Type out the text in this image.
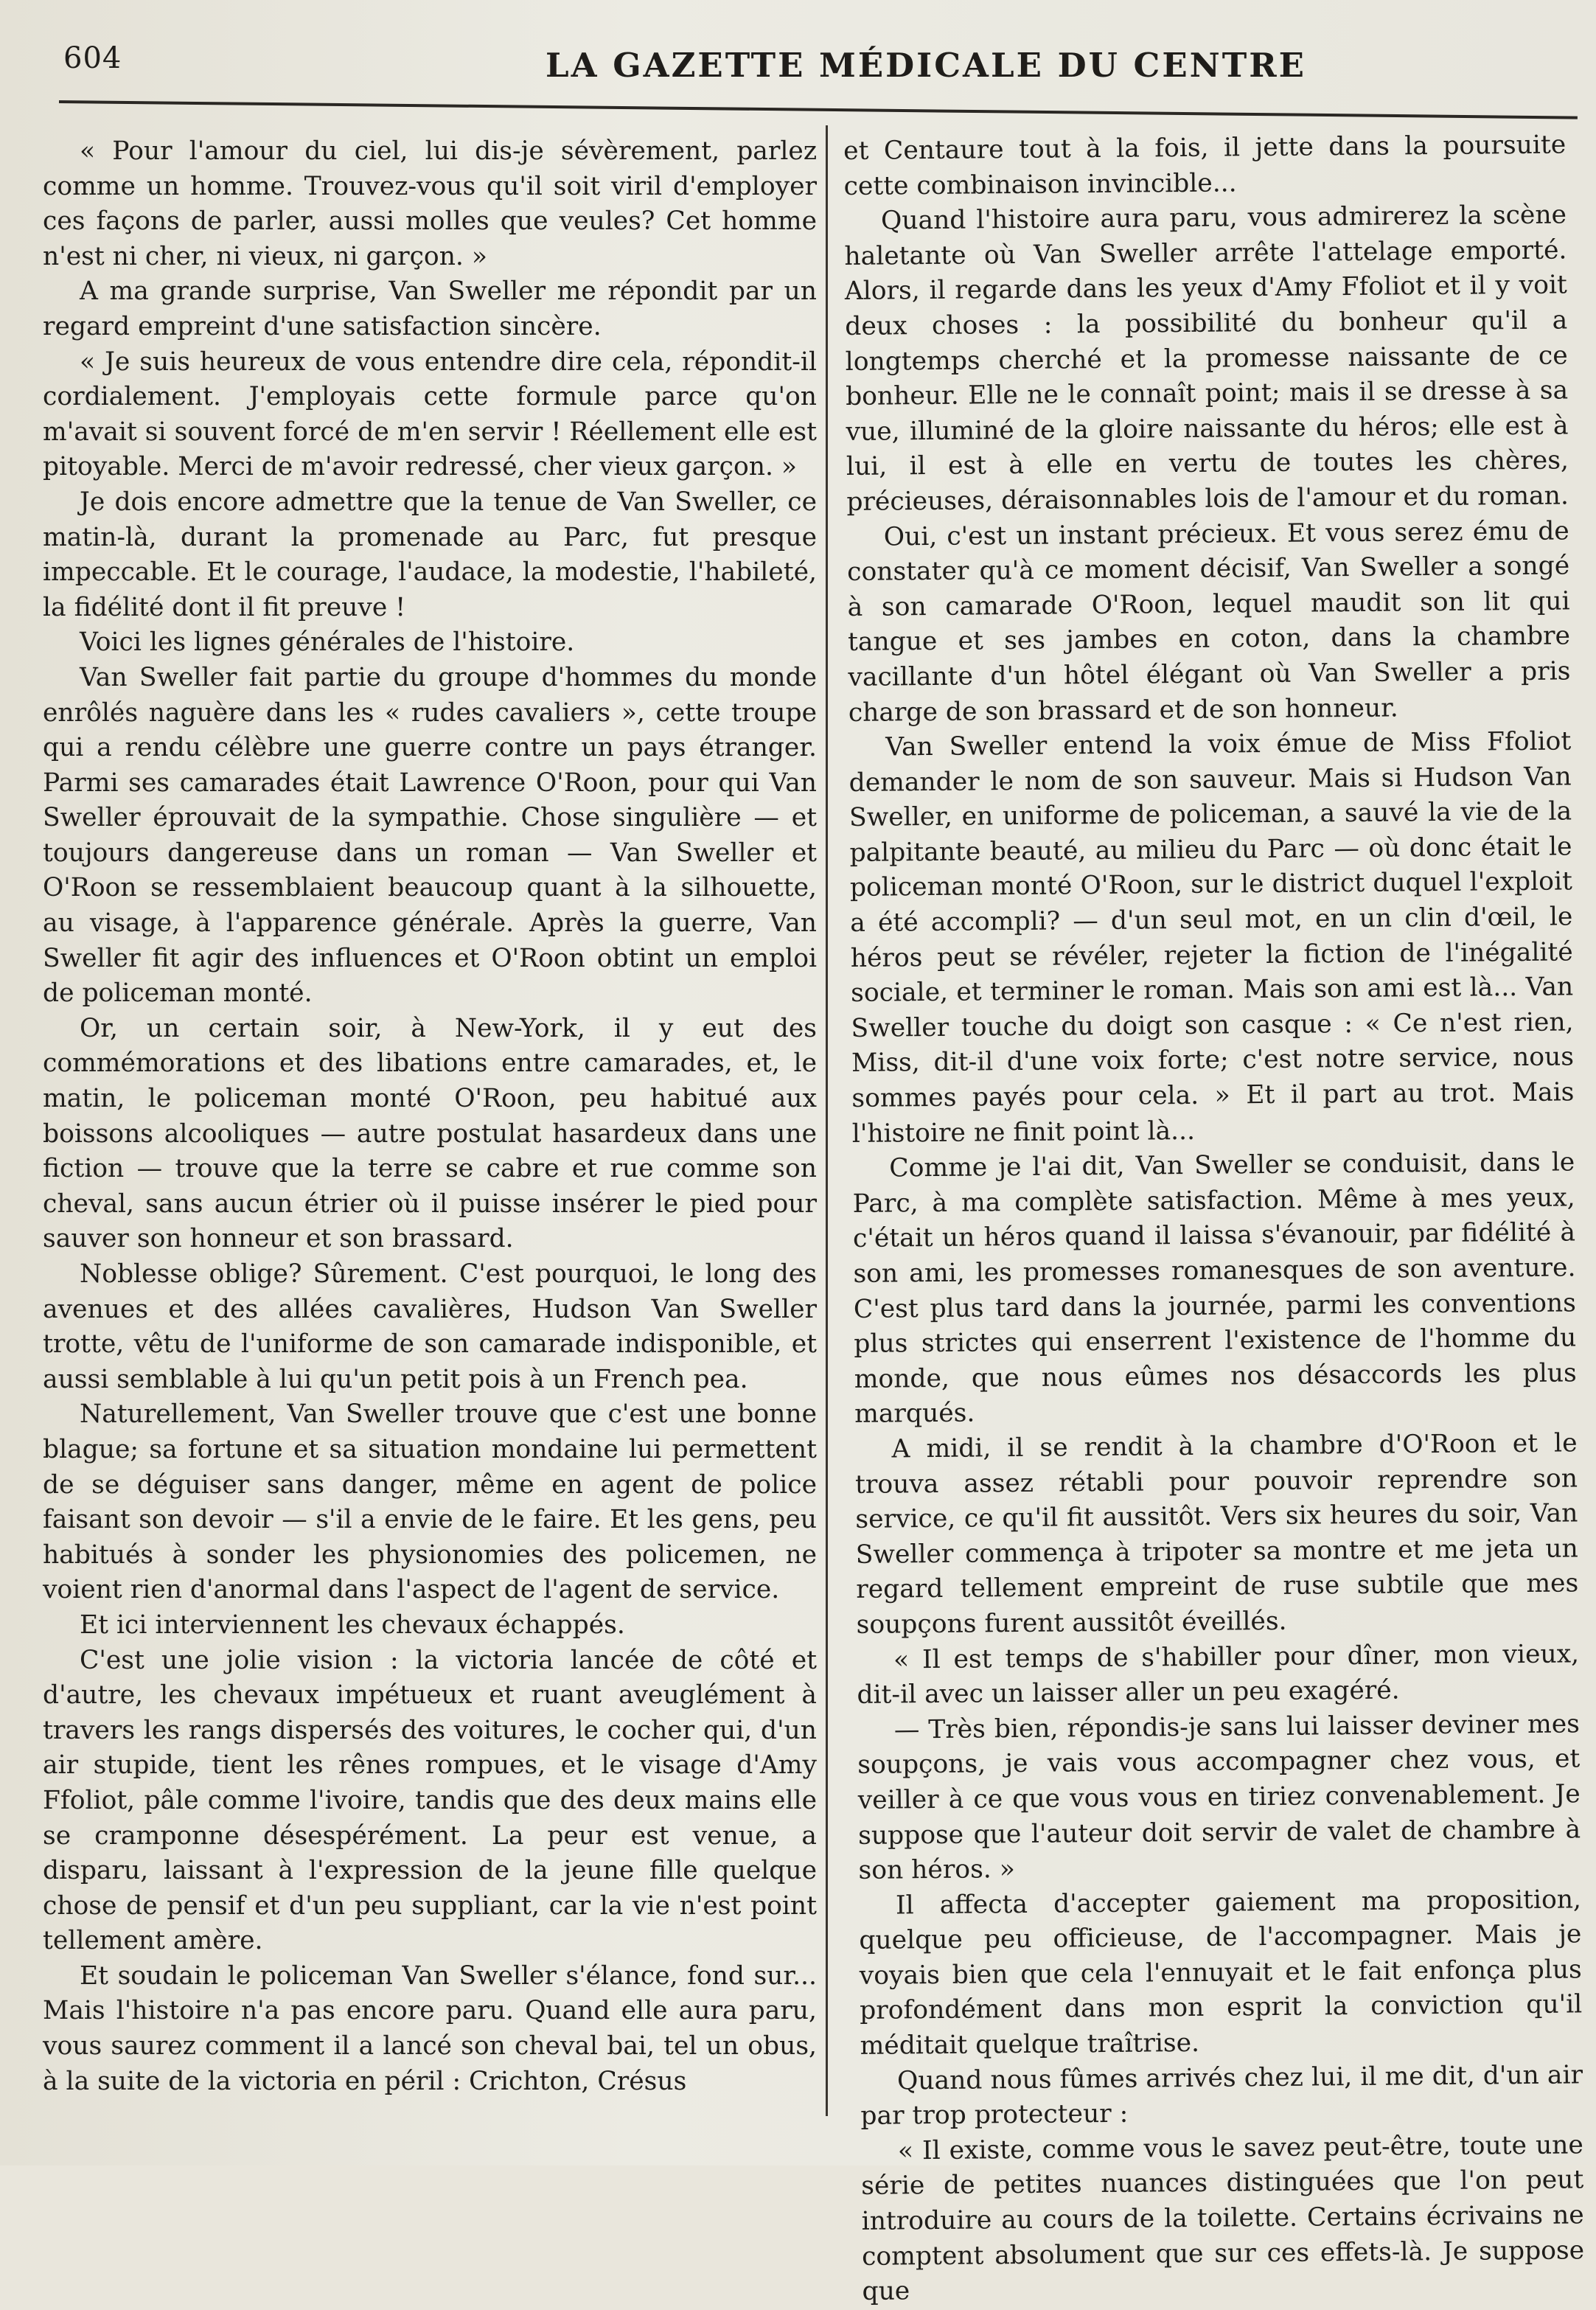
604	LA GAZETTE MÉDICALE DU CENTRE

« Pour l'amour du ciel, lui dis-je sévèrement, parlez comme un homme. Trouvez-vous qu'il soit viril d'employer ces façons de parler, aussi molles que veules? Cet homme n'est ni cher, ni vieux, ni garçon. »

A ma grande surprise, Van Sweller me répondit par un regard empreint d'une satisfaction sincère.

« Je suis heureux de vous entendre dire cela, répondit-il cordialement. J'employais cette formule parce qu'on m'avait si souvent forcé de m'en servir ! Réellement elle est pitoyable. Merci de m'avoir redressé, cher vieux garçon. »

Je dois encore admettre que la tenue de Van Sweller, ce matin-là, durant la promenade au Parc, fut presque impeccable. Et le courage, l'audace, la modestie, l'habileté, la fidélité dont il fit preuve !

Voici les lignes générales de l'histoire.

Van Sweller fait partie du groupe d'hommes du monde enrôlés naguère dans les « rudes cavaliers », cette troupe qui a rendu célèbre une guerre contre un pays étranger. Parmi ses camarades était Lawrence O'Roon, pour qui Van Sweller éprouvait de la sympathie. Chose singulière — et toujours dangereuse dans un roman — Van Sweller et O'Roon se ressemblaient beaucoup quant à la silhouette, au visage, à l'apparence générale. Après la guerre, Van Sweller fit agir des influences et O'Roon obtint un emploi de policeman monté.

Or, un certain soir, à New-York, il y eut des commémorations et des libations entre camarades, et, le matin, le policeman monté O'Roon, peu habitué aux boissons alcooliques — autre postulat hasardeux dans une fiction — trouve que la terre se cabre et rue comme son cheval, sans aucun étrier où il puisse insérer le pied pour sauver son honneur et son brassard.

Noblesse oblige? Sûrement. C'est pourquoi, le long des avenues et des allées cavalières, Hudson Van Sweller trotte, vêtu de l'uniforme de son camarade indisponible, et aussi semblable à lui qu'un petit pois à un French pea.

Naturellement, Van Sweller trouve que c'est une bonne blague; sa fortune et sa situation mondaine lui permettent de se déguiser sans danger, même en agent de police faisant son devoir — s'il a envie de le faire. Et les gens, peu habitués à sonder les physionomies des policemen, ne voient rien d'anormal dans l'aspect de l'agent de service.

Et ici interviennent les chevaux échappés.

C'est une jolie vision : la victoria lancée de côté et d'autre, les chevaux impétueux et ruant aveuglément à travers les rangs dispersés des voitures, le cocher qui, d'un air stupide, tient les rênes rompues, et le visage d'Amy Ffoliot, pâle comme l'ivoire, tandis que des deux mains elle se cramponne désespérément. La peur est venue, a disparu, laissant à l'expression de la jeune fille quelque chose de pensif et d'un peu suppliant, car la vie n'est point tellement amère.

Et soudain le policeman Van Sweller s'élance, fond sur... Mais l'histoire n'a pas encore paru. Quand elle aura paru, vous saurez comment il a lancé son cheval bai, tel un obus, à la suite de la victoria en péril : Crichton, Crésus

et Centaure tout à la fois, il jette dans la poursuite cette combinaison invincible...

Quand l'histoire aura paru, vous admirerez la scène haletante où Van Sweller arrête l'attelage emporté. Alors, il regarde dans les yeux d'Amy Ffoliot et il y voit deux choses : la possibilité du bonheur qu'il a longtemps cherché et la promesse naissante de ce bonheur. Elle ne le connaît point; mais il se dresse à sa vue, illuminé de la gloire naissante du héros; elle est à lui, il est à elle en vertu de toutes les chères, précieuses, déraisonnables lois de l'amour et du roman.

Oui, c'est un instant précieux. Et vous serez ému de constater qu'à ce moment décisif, Van Sweller a songé à son camarade O'Roon, lequel maudit son lit qui tangue et ses jambes en coton, dans la chambre vacillante d'un hôtel élégant où Van Sweller a pris charge de son brassard et de son honneur.

Van Sweller entend la voix émue de Miss Ffoliot demander le nom de son sauveur. Mais si Hudson Van Sweller, en uniforme de policeman, a sauvé la vie de la palpitante beauté, au milieu du Parc — où donc était le policeman monté O'Roon, sur le district duquel l'exploit a été accompli? — d'un seul mot, en un clin d'œil, le héros peut se révéler, rejeter la fiction de l'inégalité sociale, et terminer le roman. Mais son ami est là... Van Sweller touche du doigt son casque : « Ce n'est rien, Miss, dit-il d'une voix forte; c'est notre service, nous sommes payés pour cela. » Et il part au trot. Mais l'histoire ne finit point là...

Comme je l'ai dit, Van Sweller se conduisit, dans le Parc, à ma complète satisfaction. Même à mes yeux, c'était un héros quand il laissa s'évanouir, par fidélité à son ami, les promesses romanesques de son aventure. C'est plus tard dans la journée, parmi les conventions plus strictes qui enserrent l'existence de l'homme du monde, que nous eûmes nos désaccords les plus marqués.

A midi, il se rendit à la chambre d'O'Roon et le trouva assez rétabli pour pouvoir reprendre son service, ce qu'il fit aussitôt. Vers six heures du soir, Van Sweller commença à tripoter sa montre et me jeta un regard tellement empreint de ruse subtile que mes soupçons furent aussitôt éveillés.

« Il est temps de s'habiller pour dîner, mon vieux, dit-il avec un laisser aller un peu exagéré.

— Très bien, répondis-je sans lui laisser deviner mes soupçons, je vais vous accompagner chez vous, et veiller à ce que vous vous en tiriez convenablement. Je suppose que l'auteur doit servir de valet de chambre à son héros. »

Il affecta d'accepter gaiement ma proposition, quelque peu officieuse, de l'accompagner. Mais je voyais bien que cela l'ennuyait et le fait enfonça plus profondément dans mon esprit la conviction qu'il méditait quelque traîtrise.

Quand nous fûmes arrivés chez lui, il me dit, d'un air par trop protecteur :

« Il existe, comme vous le savez peut-être, toute une série de petites nuances distinguées que l'on peut introduire au cours de la toilette. Certains écrivains ne comptent absolument que sur ces effets-là. Je suppose que
